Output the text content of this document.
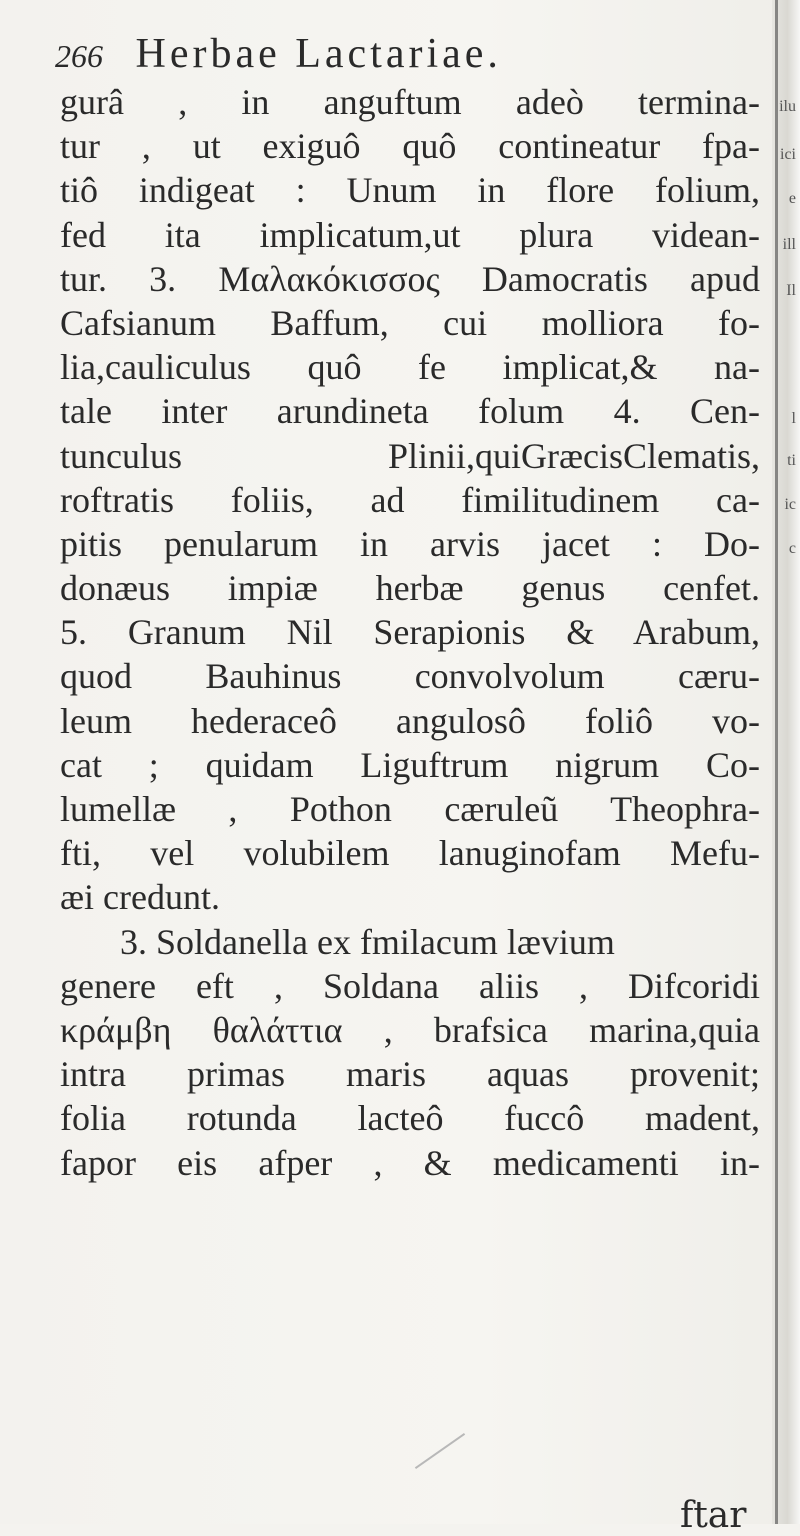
266 Herbae Lactariae.
gurâ , in anguftum adeò termina-
tur , ut exiguô quô contineatur fpa-
tiô indigeat : Unum in flore folium,
fed ita implicatum,ut plura videan-
tur. 3. Μαλακόκισσος Damocratis apud
Cafsianum Baffum, cui molliora fo-
lia,cauliculus quô fe implicat,& na-
tale inter arundineta folum 4. Cen-
tunculus Plinii,quiGræcisClematis,
roftratis foliis, ad fimilitudinem ca-
pitis penularum in arvis jacet : Do-
donæus impiæ herbæ genus cenfet.
5. Granum Nil Serapionis & Arabum,
quod Bauhinus convolvolum cæru-
leum hederaceô angulosô foliô vo-
cat ; quidam Liguftrum nigrum Co-
lumellæ , Pothon cæruleũ Theophra-
fti, vel volubilem lanuginofam Mefu-
æi credunt.
3. Soldanella ex fmilacum lævium
genere eft , Soldana aliis , Difcoridi
κράμβη θαλάττια , brafsica marina,quia
intra primas maris aquas provenit;
folia rotunda lacteô fuccô madent,
fapor eis afper , & medicamenti in-
ftar
ilu
ici
e
ill
Il
l
ti
ic
c
